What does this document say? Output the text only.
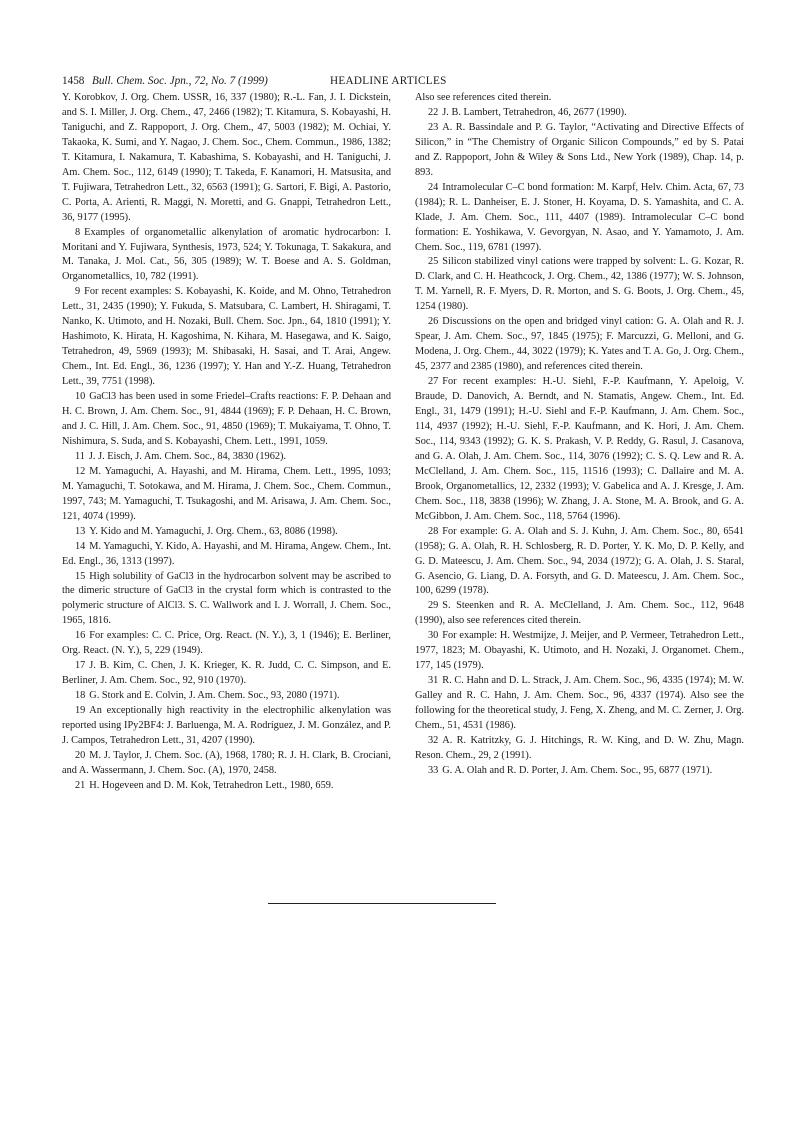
1458 Bull. Chem. Soc. Jpn., 72, No. 7 (1999)	HEADLINE ARTICLES

Y. Korobkov, J. Org. Chem. USSR, 16, 337 (1980); R.-L. Fan, J. I. Dickstein, and S. I. Miller, J. Org. Chem., 47, 2466 (1982); T. Kitamura, S. Kobayashi, H. Taniguchi, and Z. Rappoport, J. Org. Chem., 47, 5003 (1982); M. Ochiai, Y. Takaoka, K. Sumi, and Y. Nagao, J. Chem. Soc., Chem. Commun., 1986, 1382; T. Kitamura, I. Nakamura, T. Kabashima, S. Kobayashi, and H. Taniguchi, J. Am. Chem. Soc., 112, 6149 (1990); T. Takeda, F. Kanamori, H. Matsusita, and T. Fujiwara, Tetrahedron Lett., 32, 6563 (1991); G. Sartori, F. Bigi, A. Pastorio, C. Porta, A. Arienti, R. Maggi, N. Moretti, and G. Gnappi, Tetrahedron Lett., 36, 9177 (1995).

8 Examples of organometallic alkenylation of aromatic hydrocarbon: I. Moritani and Y. Fujiwara, Synthesis, 1973, 524; Y. Tokunaga, T. Sakakura, and M. Tanaka, J. Mol. Cat., 56, 305 (1989); W. T. Boese and A. S. Goldman, Organometallics, 10, 782 (1991).

9 For recent examples: S. Kobayashi, K. Koide, and M. Ohno, Tetrahedron Lett., 31, 2435 (1990); Y. Fukuda, S. Matsubara, C. Lambert, H. Shiragami, T. Nanko, K. Utimoto, and H. Nozaki, Bull. Chem. Soc. Jpn., 64, 1810 (1991); Y. Hashimoto, K. Hirata, H. Kagoshima, N. Kihara, M. Hasegawa, and K. Saigo, Tetrahedron, 49, 5969 (1993); M. Shibasaki, H. Sasai, and T. Arai, Angew. Chem., Int. Ed. Engl., 36, 1236 (1997); Y. Han and Y.-Z. Huang, Tetrahedron Lett., 39, 7751 (1998).

10 GaCl3 has been used in some Friedel–Crafts reactions: F. P. Dehaan and H. C. Brown, J. Am. Chem. Soc., 91, 4844 (1969); F. P. Dehaan, H. C. Brown, and J. C. Hill, J. Am. Chem. Soc., 91, 4850 (1969); T. Mukaiyama, T. Ohno, T. Nishimura, S. Suda, and S. Kobayashi, Chem. Lett., 1991, 1059.

11 J. J. Eisch, J. Am. Chem. Soc., 84, 3830 (1962).

12 M. Yamaguchi, A. Hayashi, and M. Hirama, Chem. Lett., 1995, 1093; M. Yamaguchi, T. Sotokawa, and M. Hirama, J. Chem. Soc., Chem. Commun., 1997, 743; M. Yamaguchi, T. Tsukagoshi, and M. Arisawa, J. Am. Chem. Soc., 121, 4074 (1999).

13 Y. Kido and M. Yamaguchi, J. Org. Chem., 63, 8086 (1998).

14 M. Yamaguchi, Y. Kido, A. Hayashi, and M. Hirama, Angew. Chem., Int. Ed. Engl., 36, 1313 (1997).

15 High solubility of GaCl3 in the hydrocarbon solvent may be ascribed to the dimeric structure of GaCl3 in the crystal form which is contrasted to the polymeric structure of AlCl3. S. C. Wallwork and I. J. Worrall, J. Chem. Soc., 1965, 1816.

16 For examples: C. C. Price, Org. React. (N. Y.), 3, 1 (1946); E. Berliner, Org. React. (N. Y.), 5, 229 (1949).

17 J. B. Kim, C. Chen, J. K. Krieger, K. R. Judd, C. C. Simpson, and E. Berliner, J. Am. Chem. Soc., 92, 910 (1970).

18 G. Stork and E. Colvin, J. Am. Chem. Soc., 93, 2080 (1971).

19 An exceptionally high reactivity in the electrophilic alkenylation was reported using IPy2BF4: J. Barluenga, M. A. Rodríguez, J. M. González, and P. J. Campos, Tetrahedron Lett., 31, 4207 (1990).

20 M. J. Taylor, J. Chem. Soc. (A), 1968, 1780; R. J. H. Clark, B. Crociani, and A. Wassermann, J. Chem. Soc. (A), 1970, 2458.

21 H. Hogeveen and D. M. Kok, Tetrahedron Lett., 1980, 659.

Also see references cited therein.

22 J. B. Lambert, Tetrahedron, 46, 2677 (1990).

23 A. R. Bassindale and P. G. Taylor, “Activating and Directive Effects of Silicon,” in “The Chemistry of Organic Silicon Compounds,” ed by S. Patai and Z. Rappoport, John & Wiley & Sons Ltd., New York (1989), Chap. 14, p. 893.

24 Intramolecular C–C bond formation: M. Karpf, Helv. Chim. Acta, 67, 73 (1984); R. L. Danheiser, E. J. Stoner, H. Koyama, D. S. Yamashita, and C. A. Klade, J. Am. Chem. Soc., 111, 4407 (1989). Intramolecular C–C bond formation: E. Yoshikawa, V. Gevorgyan, N. Asao, and Y. Yamamoto, J. Am. Chem. Soc., 119, 6781 (1997).

25 Silicon stabilized vinyl cations were trapped by solvent: L. G. Kozar, R. D. Clark, and C. H. Heathcock, J. Org. Chem., 42, 1386 (1977); W. S. Johnson, T. M. Yarnell, R. F. Myers, D. R. Morton, and S. G. Boots, J. Org. Chem., 45, 1254 (1980).

26 Discussions on the open and bridged vinyl cation: G. A. Olah and R. J. Spear, J. Am. Chem. Soc., 97, 1845 (1975); F. Marcuzzi, G. Melloni, and G. Modena, J. Org. Chem., 44, 3022 (1979); K. Yates and T. A. Go, J. Org. Chem., 45, 2377 and 2385 (1980), and references cited therein.

27 For recent examples: H.-U. Siehl, F.-P. Kaufmann, Y. Apeloig, V. Braude, D. Danovich, A. Berndt, and N. Stamatis, Angew. Chem., Int. Ed. Engl., 31, 1479 (1991); H.-U. Siehl and F.-P. Kaufmann, J. Am. Chem. Soc., 114, 4937 (1992); H.-U. Siehl, F.-P. Kaufmann, and K. Hori, J. Am. Chem. Soc., 114, 9343 (1992); G. K. S. Prakash, V. P. Reddy, G. Rasul, J. Casanova, and G. A. Olah, J. Am. Chem. Soc., 114, 3076 (1992); C. S. Q. Lew and R. A. McClelland, J. Am. Chem. Soc., 115, 11516 (1993); C. Dallaire and M. A. Brook, Organometallics, 12, 2332 (1993); V. Gabelica and A. J. Kresge, J. Am. Chem. Soc., 118, 3838 (1996); W. Zhang, J. A. Stone, M. A. Brook, and G. A. McGibbon, J. Am. Chem. Soc., 118, 5764 (1996).

28 For example: G. A. Olah and S. J. Kuhn, J. Am. Chem. Soc., 80, 6541 (1958); G. A. Olah, R. H. Schlosberg, R. D. Porter, Y. K. Mo, D. P. Kelly, and G. D. Mateescu, J. Am. Chem. Soc., 94, 2034 (1972); G. A. Olah, J. S. Staral, G. Asencio, G. Liang, D. A. Forsyth, and G. D. Mateescu, J. Am. Chem. Soc., 100, 6299 (1978).

29 S. Steenken and R. A. McClelland, J. Am. Chem. Soc., 112, 9648 (1990), also see references cited therein.

30 For example: H. Westmijze, J. Meijer, and P. Vermeer, Tetrahedron Lett., 1977, 1823; M. Obayashi, K. Utimoto, and H. Nozaki, J. Organomet. Chem., 177, 145 (1979).

31 R. C. Hahn and D. L. Strack, J. Am. Chem. Soc., 96, 4335 (1974); M. W. Galley and R. C. Hahn, J. Am. Chem. Soc., 96, 4337 (1974). Also see the following for the theoretical study, J. Feng, X. Zheng, and M. C. Zerner, J. Org. Chem., 51, 4531 (1986).

32 A. R. Katritzky, G. J. Hitchings, R. W. King, and D. W. Zhu, Magn. Reson. Chem., 29, 2 (1991).

33 G. A. Olah and R. D. Porter, J. Am. Chem. Soc., 95, 6877 (1971).
